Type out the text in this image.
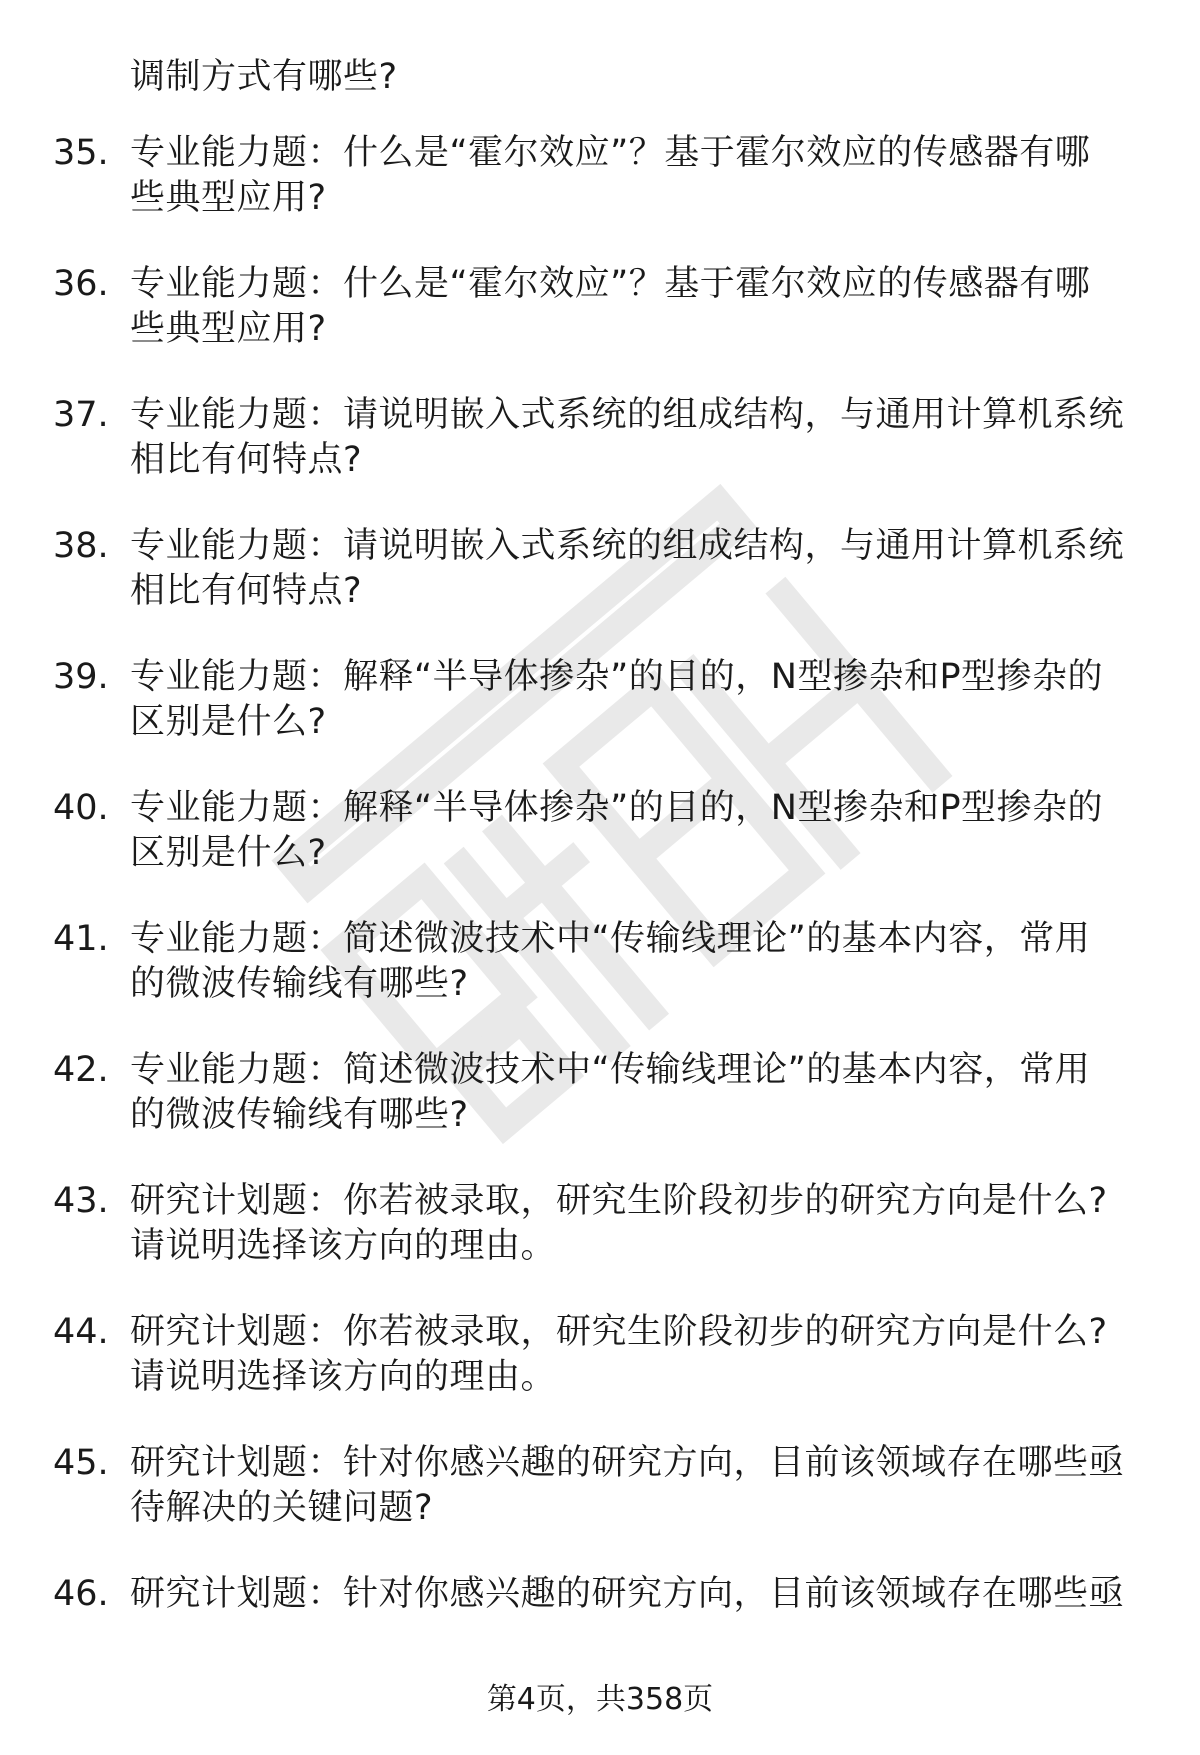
调制方式有哪些?
35. 专业能力题：什么是“霍尔效应”？基于霍尔效应的传感器有哪
些典型应用?
36. 专业能力题：什么是“霍尔效应”？基于霍尔效应的传感器有哪
些典型应用?
37. 专业能力题：请说明嵌入式系统的组成结构，与通用计算机系统
相比有何特点?
38. 专业能力题：请说明嵌入式系统的组成结构，与通用计算机系统
相比有何特点?
39. 专业能力题：解释“半导体掺杂”的目的，N型掺杂和P型掺杂的
区别是什么?
40. 专业能力题：解释“半导体掺杂”的目的，N型掺杂和P型掺杂的
区别是什么?
41. 专业能力题：简述微波技术中“传输线理论”的基本内容，常用
的微波传输线有哪些?
42. 专业能力题：简述微波技术中“传输线理论”的基本内容，常用
的微波传输线有哪些?
43. 研究计划题：你若被录取，研究生阶段初步的研究方向是什么?
请说明选择该方向的理由。
44. 研究计划题：你若被录取，研究生阶段初步的研究方向是什么?
请说明选择该方向的理由。
45. 研究计划题：针对你感兴趣的研究方向，目前该领域存在哪些亟
待解决的关键问题?
46. 研究计划题：针对你感兴趣的研究方向，目前该领域存在哪些亟
第4页，共358页
